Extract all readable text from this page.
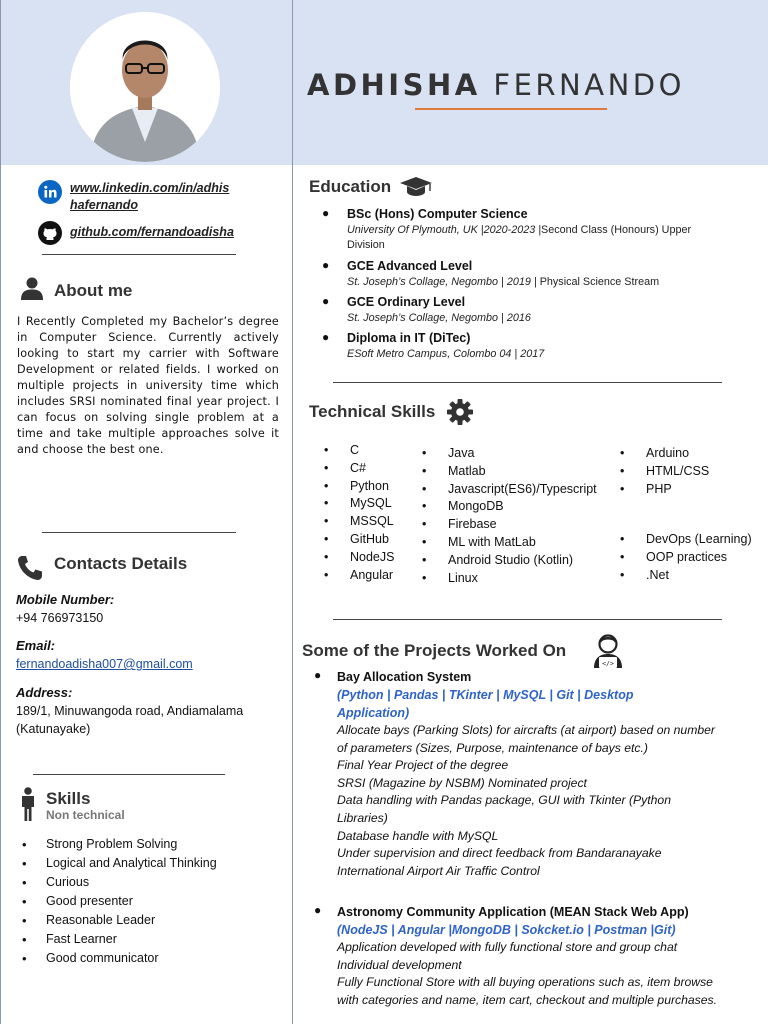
ADHISHA FERNANDO
www.linkedin.com/in/adhis
hafernando
github.com/fernandoadisha
About me
I Recently Completed my Bachelor’s degree in Computer Science. Currently actively looking to start my carrier with Software Development or related fields. I worked on multiple projects in university time which includes SRSI nominated final year project. I can focus on solving single problem at a time and take multiple approaches solve it and choose the best one.
Contacts Details
Mobile Number:
+94 766973150
Email:
fernandoadisha007@gmail.com
Address:
189/1, Minuwangoda road, Andiamalama
(Katunayake)
Skills
Non technical
• Strong Problem Solving
• Logical and Analytical Thinking
• Curious
• Good presenter
• Reasonable Leader
• Fast Learner
• Good communicator
Education
● BSc (Hons) Computer Science
University Of Plymouth, UK |2020-2023 |Second Class (Honours) Upper
Division
● GCE Advanced Level
St. Joseph’s Collage, Negombo | 2019 | Physical Science Stream
● GCE Ordinary Level
St. Joseph’s Collage, Negombo | 2016
● Diploma in IT (DiTec)
ESoft Metro Campus, Colombo 04 | 2017
Technical Skills
• C
• C#
• Python
• MySQL
• MSSQL
• GitHub
• NodeJS
• Angular
• Java
• Matlab
• Javascript(ES6)/Typescript
• MongoDB
• Firebase
• ML with MatLab
• Android Studio (Kotlin)
• Linux
• Arduino
• HTML/CSS
• PHP
• DevOps (Learning)
• OOP practices
• .Net
Some of the Projects Worked On
</>
● Bay Allocation System
(Python | Pandas | TKinter | MySQL | Git | Desktop
Application)
Allocate bays (Parking Slots) for aircrafts (at airport) based on number
of parameters (Sizes, Purpose, maintenance of bays etc.)
Final Year Project of the degree
SRSI (Magazine by NSBM) Nominated project
Data handling with Pandas package, GUI with Tkinter (Python
Libraries)
Database handle with MySQL
Under supervision and direct feedback from Bandaranayake
International Airport Air Traffic Control
● Astronomy Community Application (MEAN Stack Web App)
(NodeJS | Angular |MongoDB | Sokcket.io | Postman |Git)
Application developed with fully functional store and group chat
Individual development
Fully Functional Store with all buying operations such as, item browse
with categories and name, item cart, checkout and multiple purchases.
